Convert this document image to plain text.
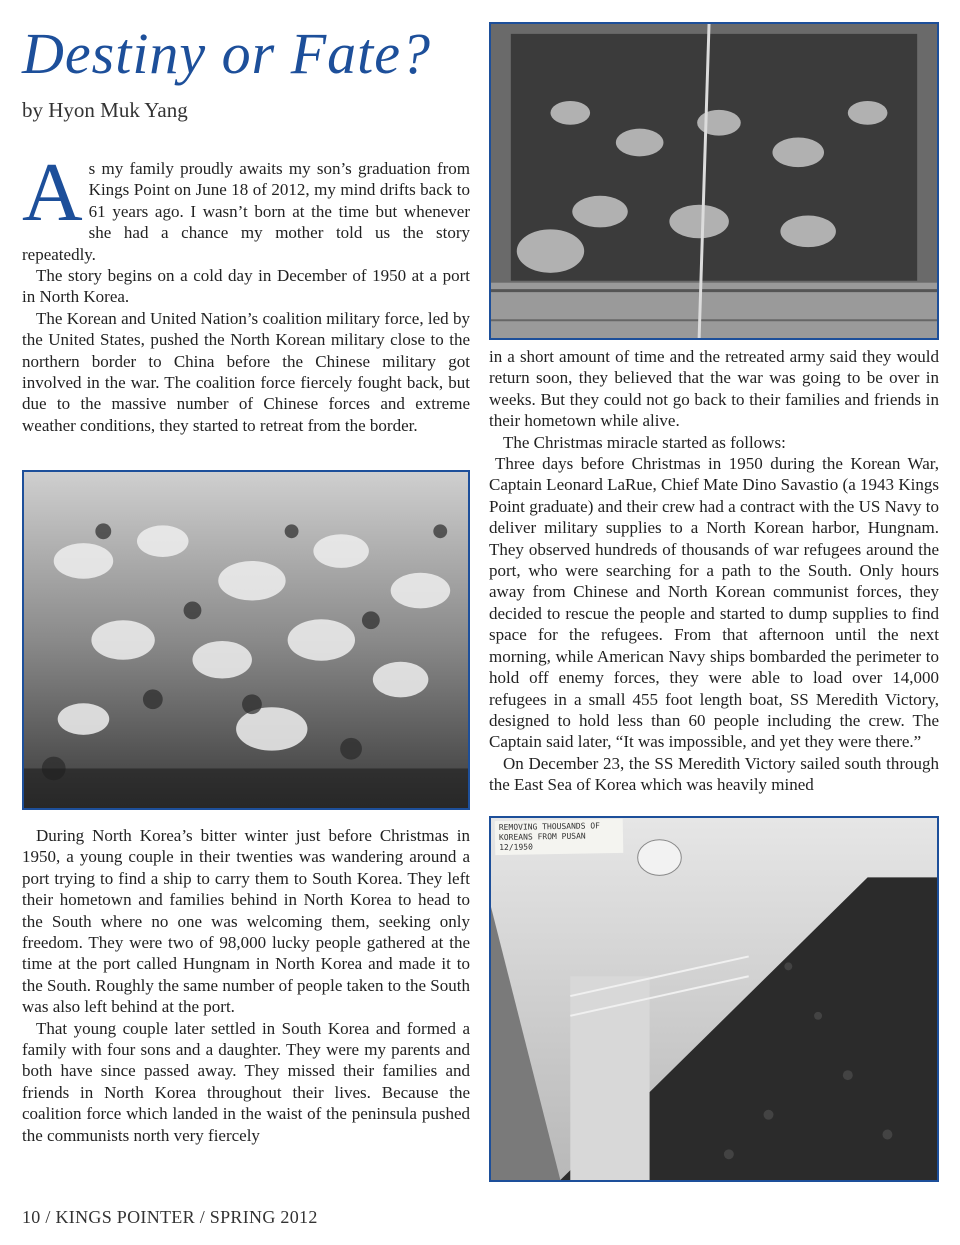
Destiny or Fate?
by Hyon Muk Yang

As my family proudly awaits my son’s graduation from Kings Point on June 18 of 2012, my mind drifts back to 61 years ago. I wasn’t born at the time but whenever she had a chance my mother told us the story repeatedly.

The story begins on a cold day in December of 1950 at a port in North Korea.

The Korean and United Nation’s coalition military force, led by the United States, pushed the North Korean military close to the northern border to China before the Chinese military got involved in the war. The coalition force fiercely fought back, but due to the massive number of Chinese forces and extreme weather conditions, they started to retreat from the border.

During North Korea’s bitter winter just before Christmas in 1950, a young couple in their twenties was wandering around a port trying to find a ship to carry them to South Korea. They left their hometown and families behind in North Korea to head to the South where no one was welcoming them, seeking only freedom. They were two of 98,000 lucky people gathered at the time at the port called Hungnam in North Korea and made it to the South. Roughly the same number of people taken to the South was also left behind at the port.

That young couple later settled in South Korea and formed a family with four sons and a daughter. They were my parents and both have since passed away. They missed their families and friends in North Korea throughout their lives. Because the coalition force which landed in the waist of the peninsula pushed the communists north very fiercely

in a short amount of time and the retreated army said they would return soon, they believed that the war was going to be over in weeks. But they could not go back to their families and friends in their hometown while alive.

The Christmas miracle started as follows:

Three days before Christmas in 1950 during the Korean War, Captain Leonard LaRue, Chief Mate Dino Savastio (a 1943 Kings Point graduate) and their crew had a contract with the US Navy to deliver military supplies to a North Korean harbor, Hungnam. They observed hundreds of thousands of war refugees around the port, who were searching for a path to the South. Only hours away from Chinese and North Korean communist forces, they decided to rescue the people and started to dump supplies to find space for the refugees. From that afternoon until the next morning, while American Navy ships bombarded the perimeter to hold off enemy forces, they were able to load over 14,000 refugees in a small 455 foot length boat, SS Meredith Victory, designed to hold less than 60 people including the crew. The Captain said later, “It was impossible, and yet they were there.”

On December 23, the SS Meredith Victory sailed south through the East Sea of Korea which was heavily mined

REMOVING THOUSANDS OF KOREANS FROM PUSAN 12/1950
10 / KINGS POINTER / SPRING 2012
